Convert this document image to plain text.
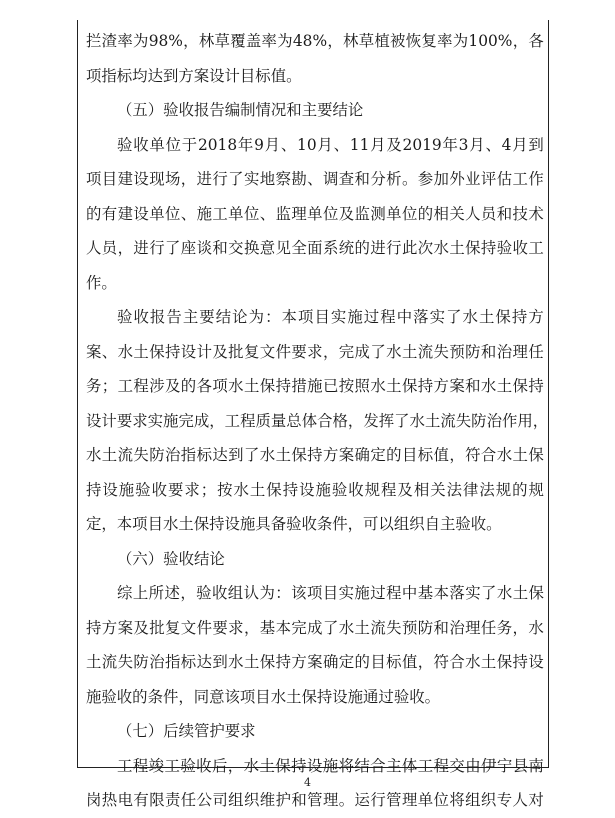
拦 渣 率 为 98% ， 林 草 覆 盖 率 为 48% ， 林 草 植 被 恢 复 率 为 100% ， 各
项指标均达到方案设计目标值。
（五）验收报告编制情况和主要结论
验 收 单 位 于 2018 年 9 月 、 10 月 、 11 月 及 2019 年 3 月 、 4 月 到
项 目 建 设 现 场 ， 进 行 了 实 地 察 勘 、 调 查 和 分 析 。 参 加 外 业 评 估 工 作
的 有 建 设 单 位 、 施 工 单 位 、 监 理 单 位 及 监 测 单 位 的 相 关 人 员 和 技 术
人 员 ， 进 行 了 座 谈 和 交 换 意 见 全 面 系 统 的 进 行 此 次 水 土 保 持 验 收 工
作。
验 收 报 告 主 要 结 论 为 ： 本 项 目 实 施 过 程 中 落 实 了 水 土 保 持 方
案 、 水 土 保 持 设 计 及 批 复 文 件 要 求 ， 完 成 了 水 土 流 失 预 防 和 治 理 任
务 ； 工 程 涉 及 的 各 项 水 土 保 持 措 施 已 按 照 水 土 保 持 方 案 和 水 土 保 持
设 计 要 求 实 施 完 成 ， 工 程 质 量 总 体 合 格 ， 发 挥 了 水 土 流 失 防 治 作 用 ，
水 土 流 失 防 治 指 标 达 到 了 水 土 保 持 方 案 确 定 的 目 标 值 ， 符 合 水 土 保
持 设 施 验 收 要 求 ； 按 水 土 保 持 设 施 验 收 规 程 及 相 关 法 律 法 规 的 规
定，本项目水土保持设施具备验收条件，可以组织自主验收。
（六）验收结论
综 上 所 述 ， 验 收 组 认 为 ： 该 项 目 实 施 过 程 中 基 本 落 实 了 水 土 保
持 方 案 及 批 复 文 件 要 求 ， 基 本 完 成 了 水 土 流 失 预 防 和 治 理 任 务 ， 水
土 流 失 防 治 指 标 达 到 水 土 保 持 方 案 确 定 的 目 标 值 ， 符 合 水 土 保 持 设
施验收的条件，同意该项目水土保持设施通过验收。
（七）后续管护要求
工 程 竣 工 验 收 后 ， 水 土 保 持 设 施 将 结 合 主 体 工 程 交 由 伊 宁 县 南
岗 热 电 有 限 责 任 公 司 组 织 维 护 和 管 理 。 运 行 管 理 单 位 将 组 织 专 人 对
4
